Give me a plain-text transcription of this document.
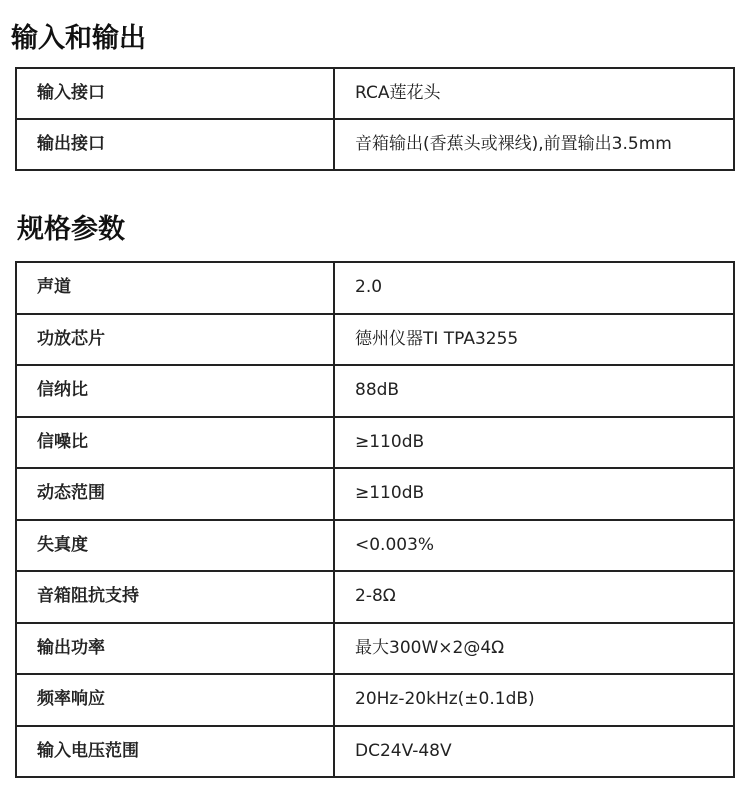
输入和输出
输入接口	RCA莲花头
输出接口	音箱输出(香蕉头或裸线),前置输出3.5mm
规格参数
声道	2.0
功放芯片	德州仪器TI TPA3255
信纳比	88dB
信噪比	≥110dB
动态范围	≥110dB
失真度	<0.003%
音箱阻抗支持	2-8Ω
输出功率	最大300W×2@4Ω
频率响应	20Hz-20kHz(±0.1dB)
输入电压范围	DC24V-48V
